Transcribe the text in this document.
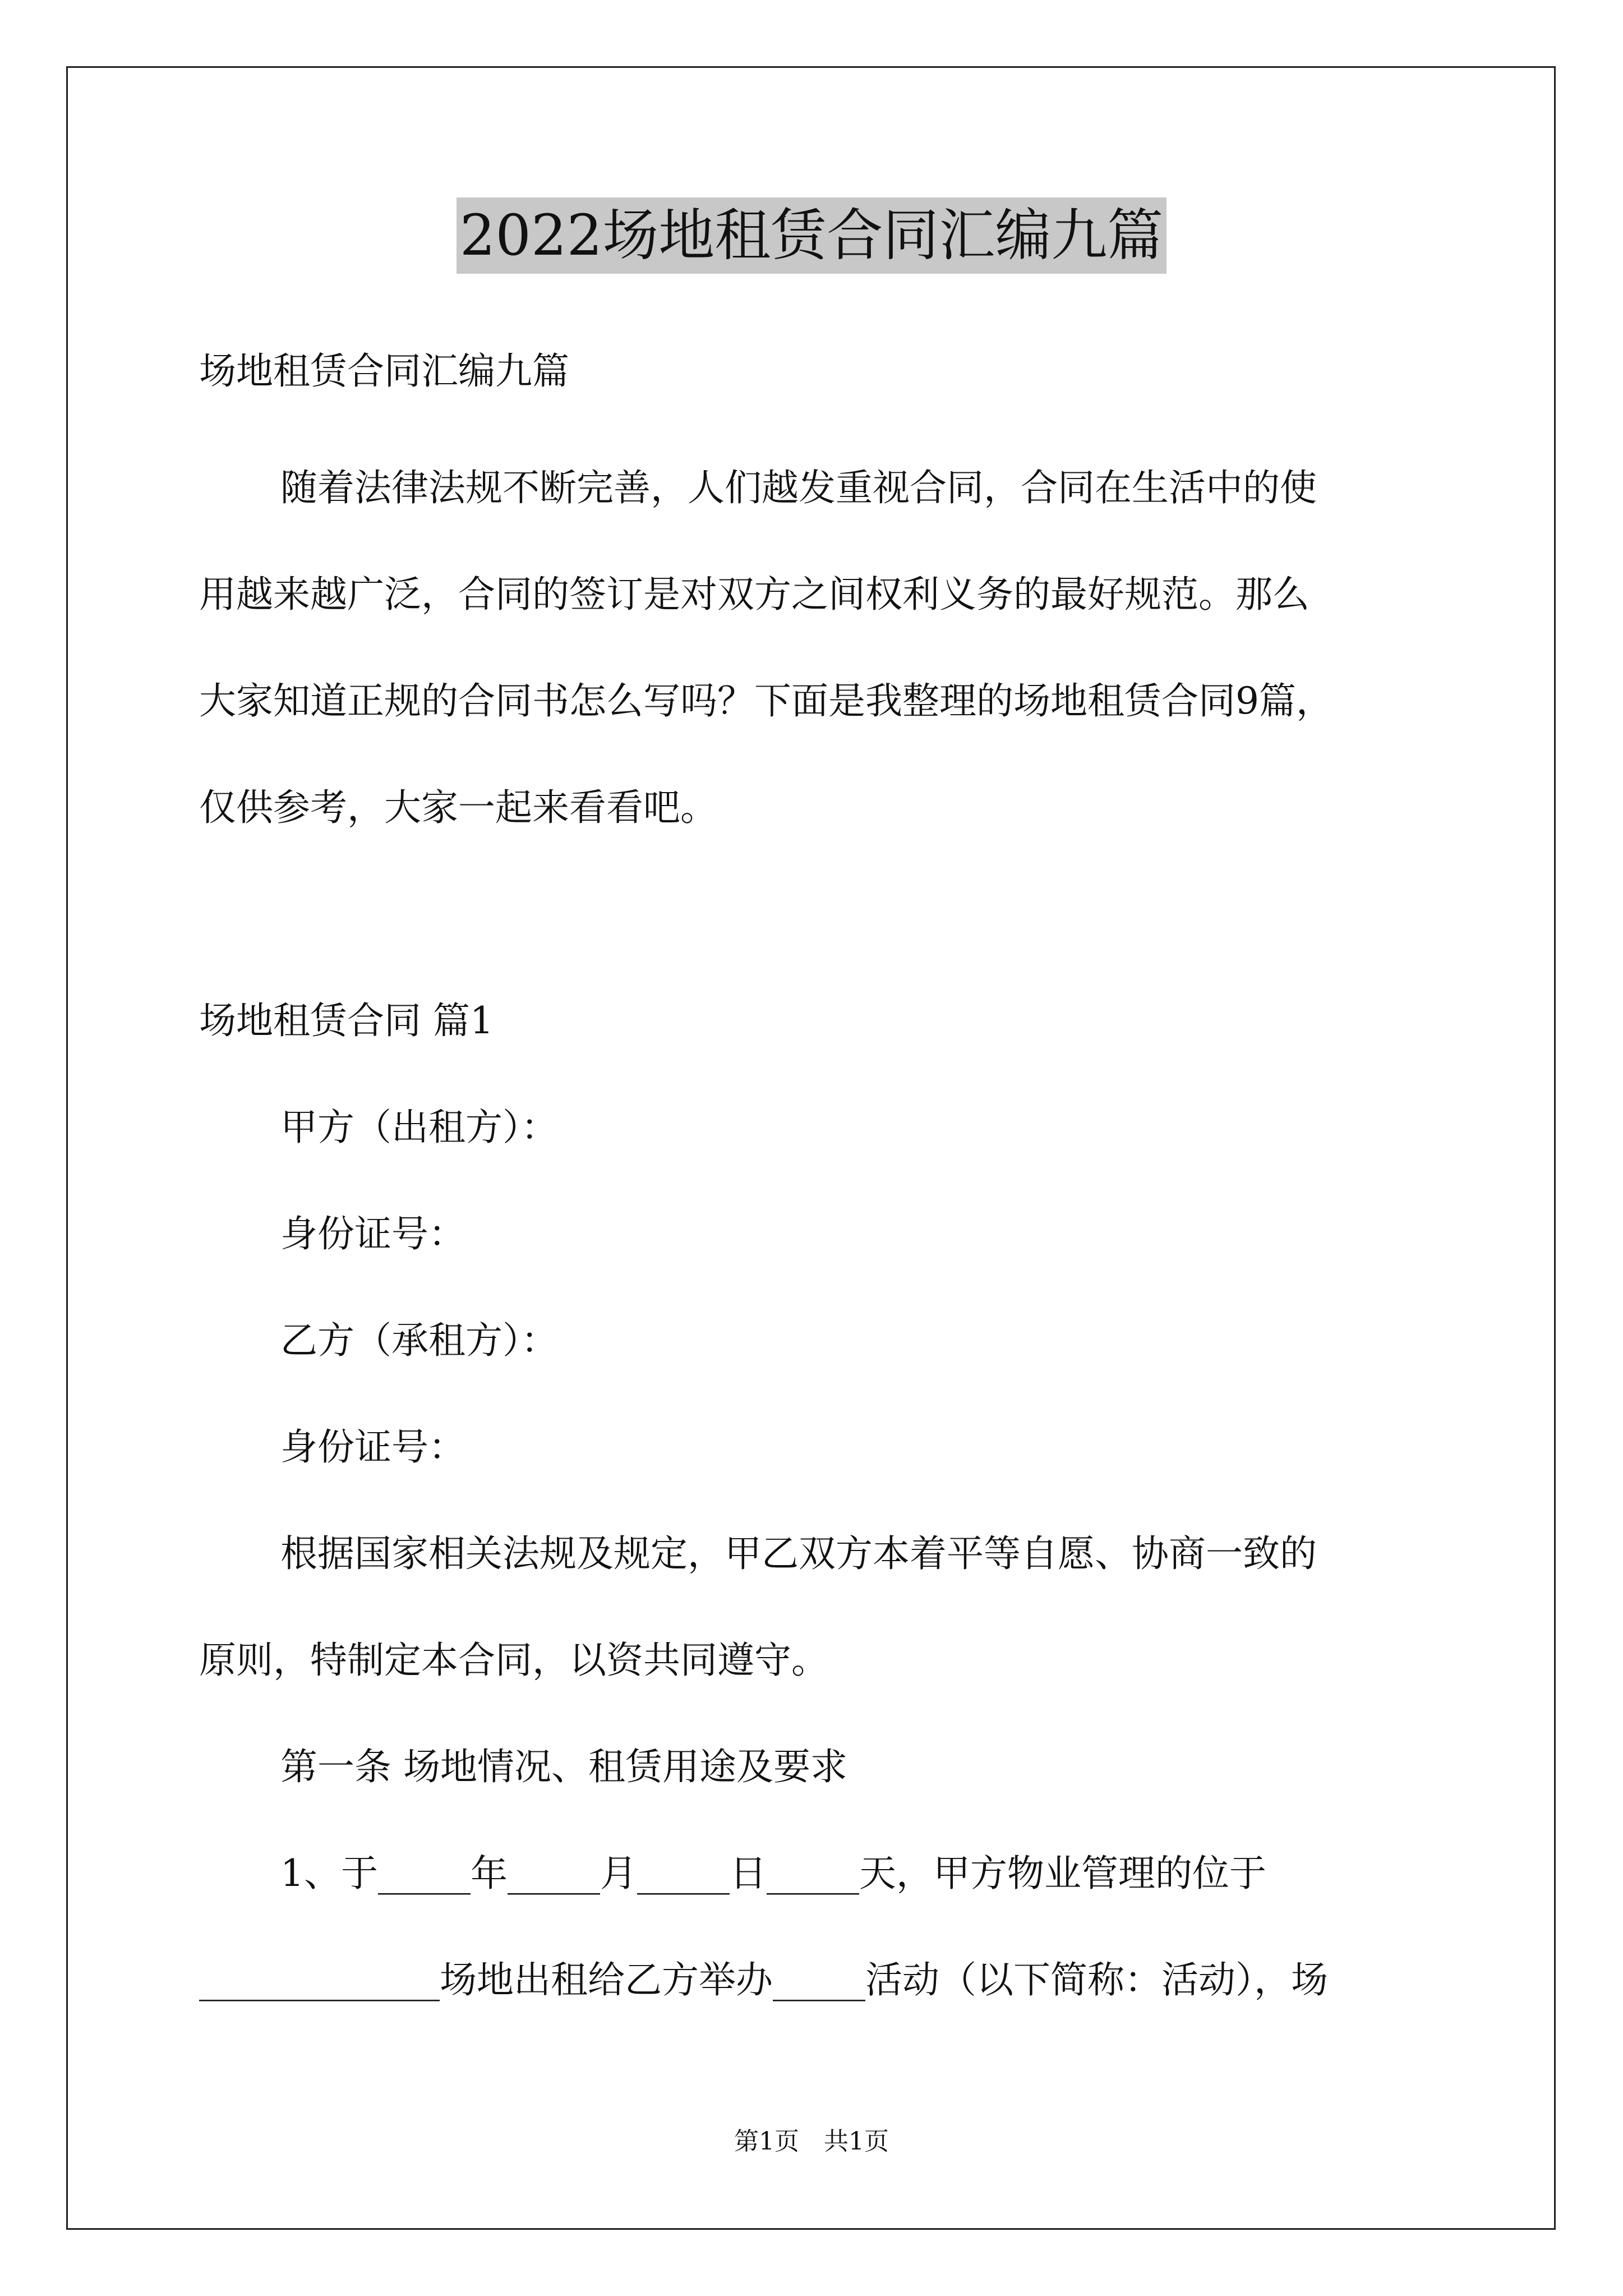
2022场地租赁合同汇编九篇
场地租赁合同汇编九篇
随着法律法规不断完善，人们越发重视合同，合同在生活中的使
用越来越广泛，合同的签订是对双方之间权利义务的最好规范。那么
大家知道正规的合同书怎么写吗？下面是我整理的场地租赁合同9篇，
仅供参考，大家一起来看看吧。
场地租赁合同 篇1
甲方（出租方）：
身份证号：
乙方（承租方）：
身份证号：
根据国家相关法规及规定，甲乙双方本着平等自愿、协商一致的
原则，特制定本合同，以资共同遵守。
第一条 场地情况、租赁用途及要求
1、于_____年_____月_____日_____天，甲方物业管理的位于
_____________场地出租给乙方举办_____活动（以下简称：活动），场
第1页　共1页
